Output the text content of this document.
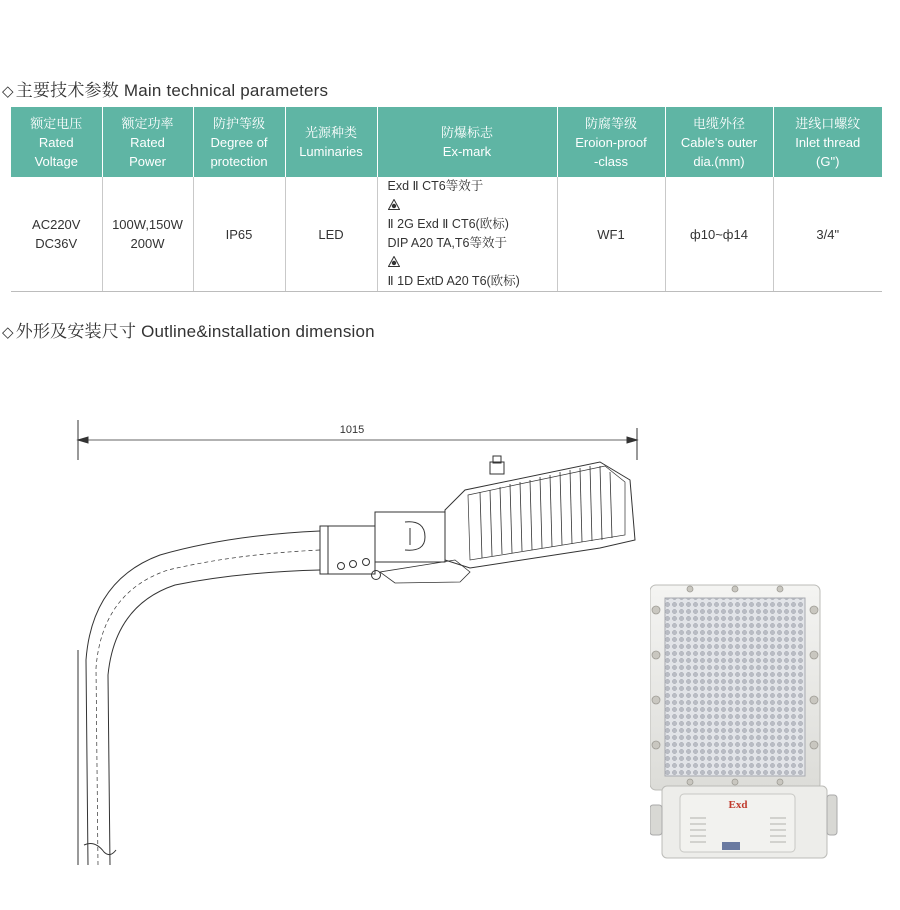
◇ 主要技术参数 Main technical parameters
额定电压
Rated
Voltage	额定功率
Rated
Power	防护等级
Degree of
protection	光源种类
Luminaries	防爆标志
Ex-mark	防腐等级
Eroion-proof
-class	电缆外径
Cable's outer
dia.(mm)	进线口螺纹
Inlet thread
(G")

AC220V
DC36V	100W,150W
200W	IP65	LED	Exd Ⅱ CT6等效于
Ⅱ 2G Exd Ⅱ CT6(欧标)
DIP A20 TA,T6等效于
Ⅱ 1D ExtD A20 T6(欧标)	WF1	ф10~ф14	3/4"
◇ 外形及安装尺寸 Outline&installation dimension
1015
Exd
